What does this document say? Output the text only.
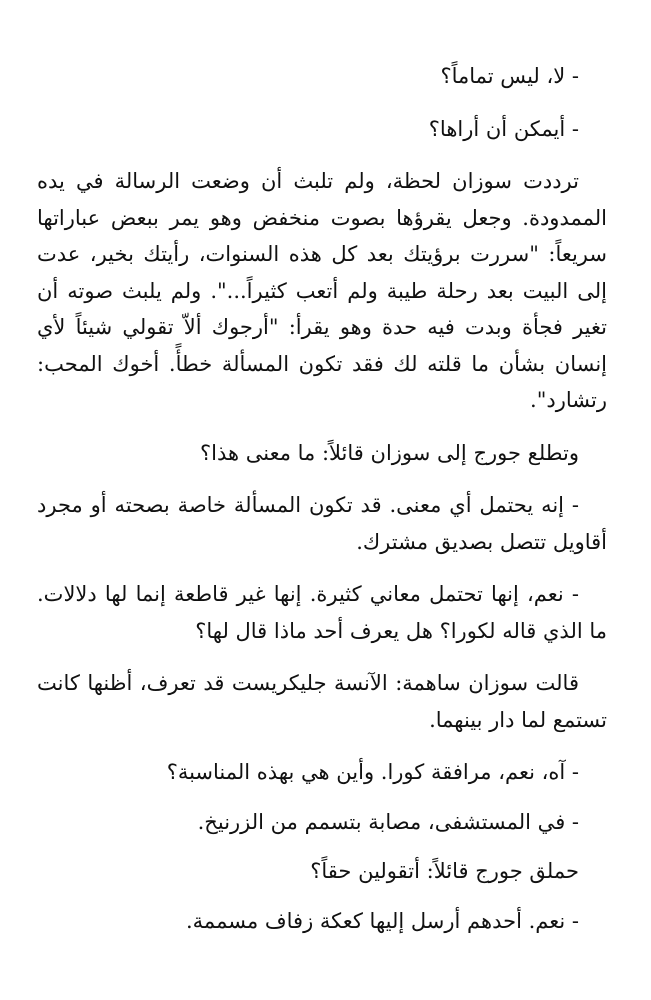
- لا، ليس تماماً؟

- أيمكن أن أراها؟

ترددت سوزان لحظة، ولم تلبث أن وضعت الرسالة في يده الممدودة. وجعل يقرؤها بصوت منخفض وهو يمر ببعض عباراتها سريعاً: "سررت برؤيتك بعد كل هذه السنوات، رأيتك بخير، عدت إلى البيت بعد رحلة طيبة ولم أتعب كثيراً...". ولم يلبث صوته أن تغير فجأة وبدت فيه حدة وهو يقرأ: "أرجوك ألاّ تقولي شيئاً لأي إنسان بشأن ما قلته لك فقد تكون المسألة خطأً. أخوك المحب: رتشارد".

وتطلع جورج إلى سوزان قائلاً: ما معنى هذا؟

- إنه يحتمل أي معنى. قد تكون المسألة خاصة بصحته أو مجرد أقاويل تتصل بصديق مشترك.

- نعم، إنها تحتمل معاني كثيرة. إنها غير قاطعة إنما لها دلالات. ما الذي قاله لكورا؟ هل يعرف أحد ماذا قال لها؟

قالت سوزان ساهمة: الآنسة جليكريست قد تعرف، أظنها كانت تستمع لما دار بينهما.

- آه، نعم، مرافقة كورا. وأين هي بهذه المناسبة؟

- في المستشفى، مصابة بتسمم من الزرنيخ.

حملق جورج قائلاً: أتقولين حقاً؟

- نعم. أحدهم أرسل إليها كعكة زفاف مسممة.
